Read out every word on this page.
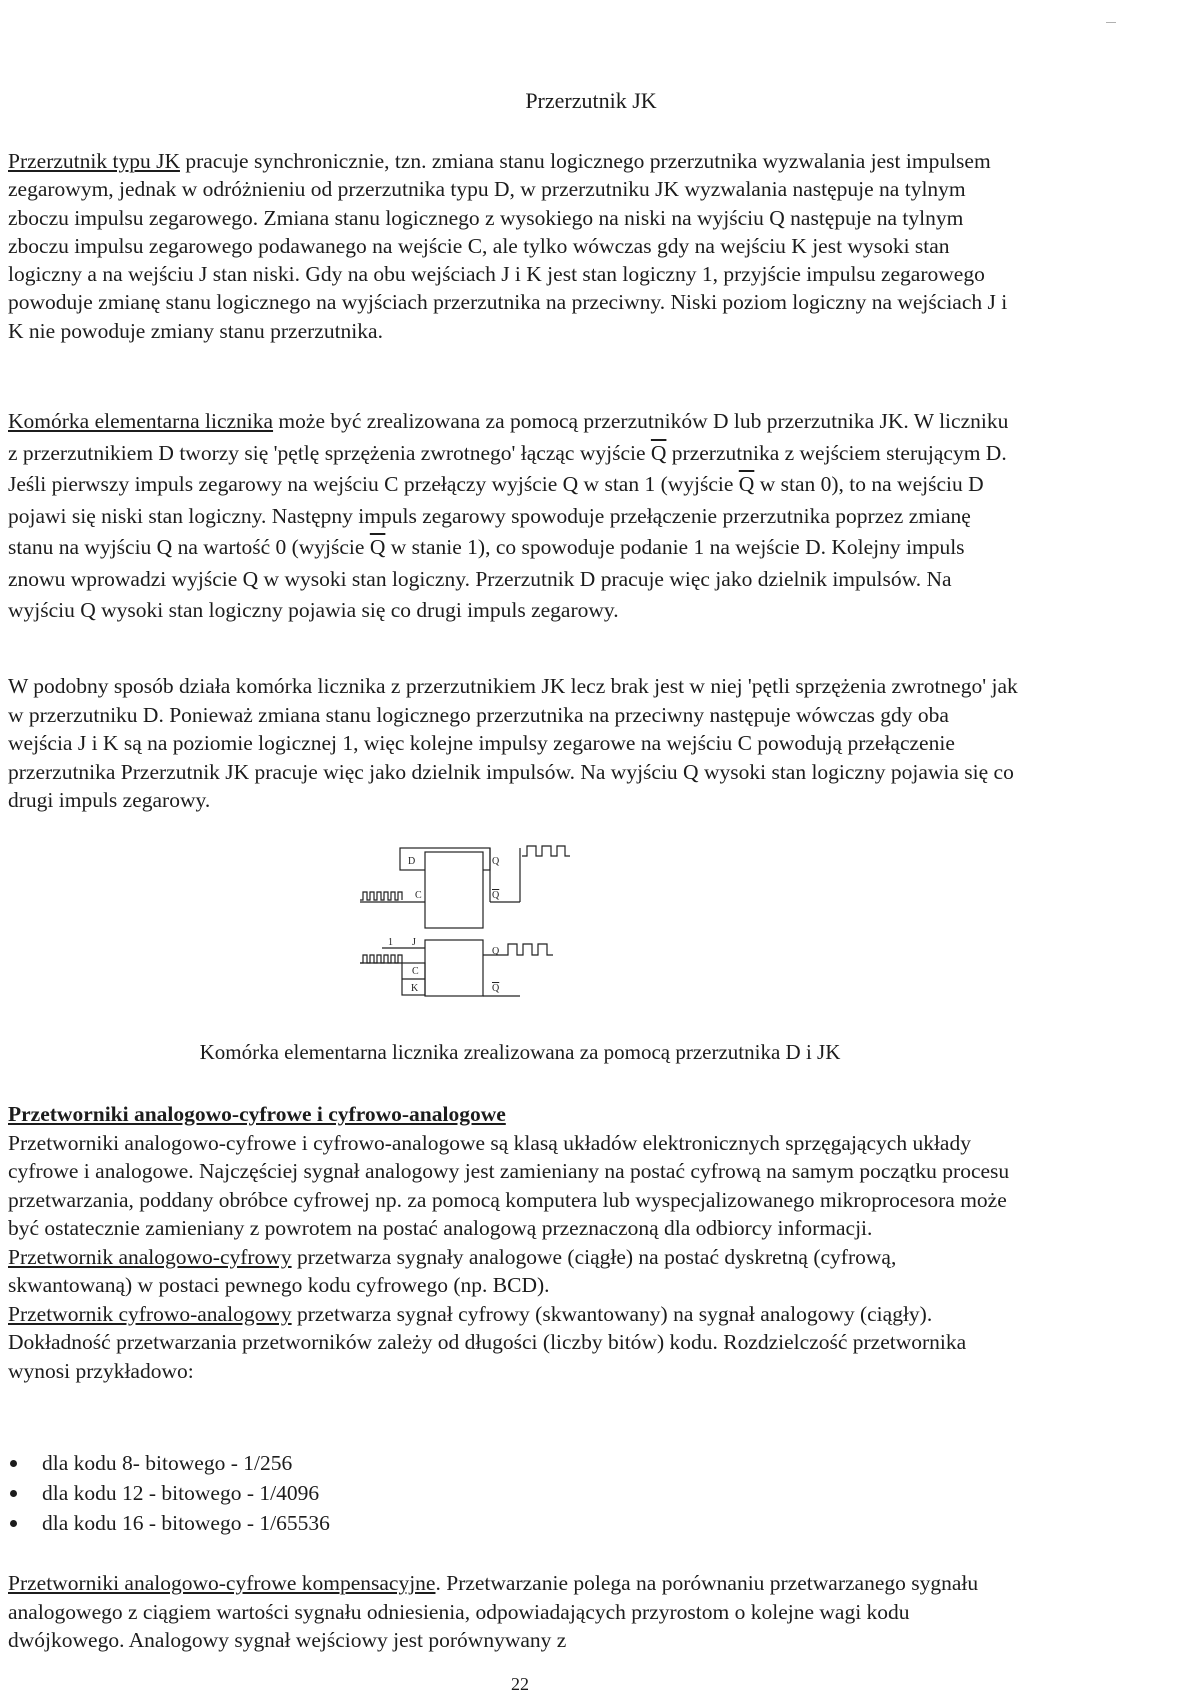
Przerzutnik JK

Przerzutnik typu JK pracuje synchronicznie, tzn. zmiana stanu logicznego przerzutnika wyzwalania jest impulsem zegarowym, jednak w odróżnieniu od przerzutnika typu D, w przerzutniku JK wyzwalania następuje na tylnym zboczu impulsu zegarowego. Zmiana stanu logicznego z wysokiego na niski na wyjściu Q następuje na tylnym zboczu impulsu zegarowego podawanego na wejście C, ale tylko wówczas gdy na wejściu K jest wysoki stan logiczny a na wejściu J stan niski. Gdy na obu wejściach J i K jest stan logiczny 1, przyjście impulsu zegarowego powoduje zmianę stanu logicznego na wyjściach przerzutnika na przeciwny. Niski poziom logiczny na wejściach J i K nie powoduje zmiany stanu przerzutnika.

Komórka elementarna licznika może być zrealizowana za pomocą przerzutników D lub przerzutnika JK. W liczniku z przerzutnikiem D tworzy się 'pętlę sprzężenia zwrotnego' łącząc wyjście $\overline{Q}$ przerzutnika z wejściem sterującym D. Jeśli pierwszy impuls zegarowy na wejściu C przełączy wyjście Q w stan 1 (wyjście $\overline{Q}$ w stan 0), to na wejściu D pojawi się niski stan logiczny. Następny impuls zegarowy spowoduje przełączenie przerzutnika poprzez zmianę stanu na wyjściu Q na wartość 0 (wyjście $\overline{Q}$ w stanie 1), co spowoduje podanie 1 na wejście D. Kolejny impuls znowu wprowadzi wyjście Q w wysoki stan logiczny. Przerzutnik D pracuje więc jako dzielnik impulsów. Na wyjściu Q wysoki stan logiczny pojawia się co drugi impuls zegarowy.

W podobny sposób działa komórka licznika z przerzutnikiem JK lecz brak jest w niej 'pętli sprzężenia zwrotnego' jak w przerzutniku D. Ponieważ zmiana stanu logicznego przerzutnika na przeciwny następuje wówczas gdy oba wejścia J i K są na poziomie logicznej 1, więc kolejne impulsy zegarowe na wejściu C powodują przełączenie przerzutnika Przerzutnik JK pracuje więc jako dzielnik impulsów. Na wyjściu Q wysoki stan logiczny pojawia się co drugi impuls zegarowy.

D	Q
Q
C
1 J
C
K
Q
Q
Komórka elementarna licznika zrealizowana za pomocą przerzutnika D i JK
Przetworniki analogowo-cyfrowe i cyfrowo-analogowe
Przetworniki analogowo-cyfrowe i cyfrowo-analogowe są klasą układów elektronicznych sprzęgających układy cyfrowe i analogowe. Najczęściej sygnał analogowy jest zamieniany na postać cyfrową na samym początku procesu przetwarzania, poddany obróbce cyfrowej np. za pomocą komputera lub wyspecjalizowanego mikroprocesora może być ostatecznie zamieniany z powrotem na postać analogową przeznaczoną dla odbiorcy informacji.
Przetwornik analogowo-cyfrowy przetwarza sygnały analogowe (ciągłe) na postać dyskretną (cyfrową, skwantowaną) w postaci pewnego kodu cyfrowego (np. BCD).
Przetwornik cyfrowo-analogowy przetwarza sygnał cyfrowy (skwantowany) na sygnał analogowy (ciągły).
Dokładność przetwarzania przetworników zależy od długości (liczby bitów) kodu. Rozdzielczość przetwornika wynosi przykładowo:
dla kodu 8- bitowego - 1/256
dla kodu 12 - bitowego - 1/4096
dla kodu 16 - bitowego - 1/65536

Przetworniki analogowo-cyfrowe kompensacyjne. Przetwarzanie polega na porównaniu przetwarzanego sygnału analogowego z ciągiem wartości sygnału odniesienia, odpowiadających przyrostom o kolejne wagi kodu dwójkowego. Analogowy sygnał wejściowy jest porównywany z

22
